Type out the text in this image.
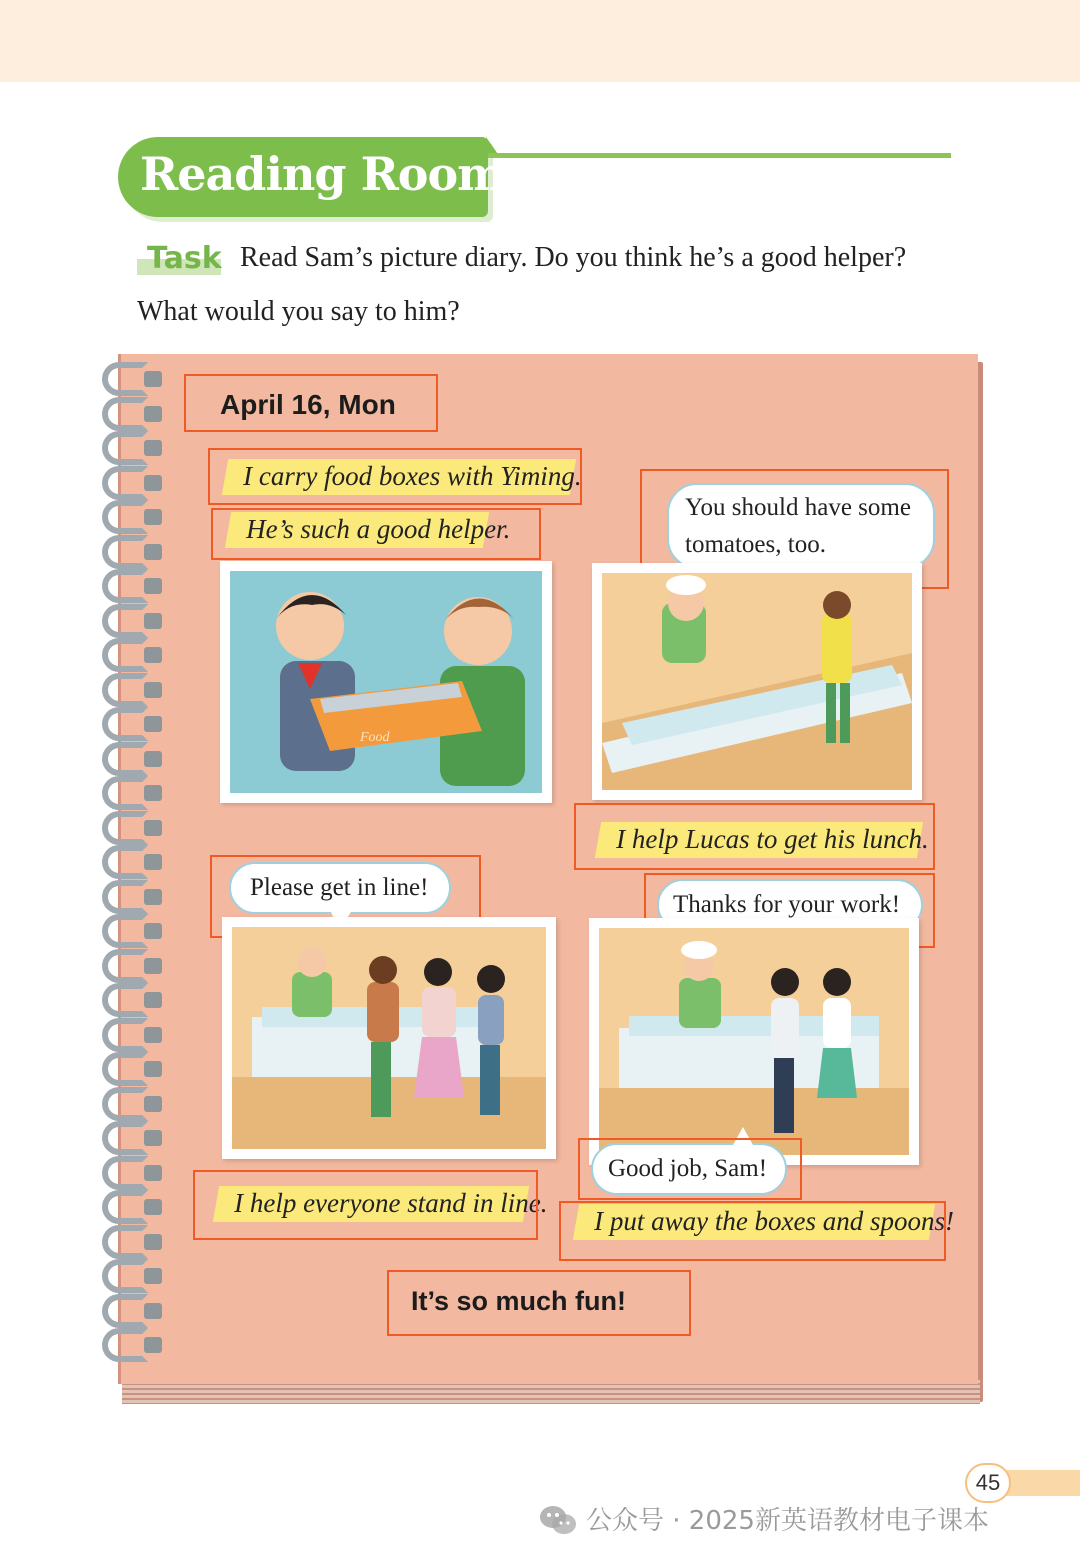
Reading Room
Task Read Sam’s picture diary. Do you think he’s a good helper?
What would you say to him?
April 16, Mon
I carry food boxes with Yiming.
He’s such a good helper.
Food
You should have some
tomatoes, too.
I help Lucas to get his lunch.
Please get in line!
Thanks for your work!
Good job, Sam!
I help everyone stand in line.
I put away the boxes and spoons!
It’s so much fun!
45
公众号 · 2025新英语教材电子课本
